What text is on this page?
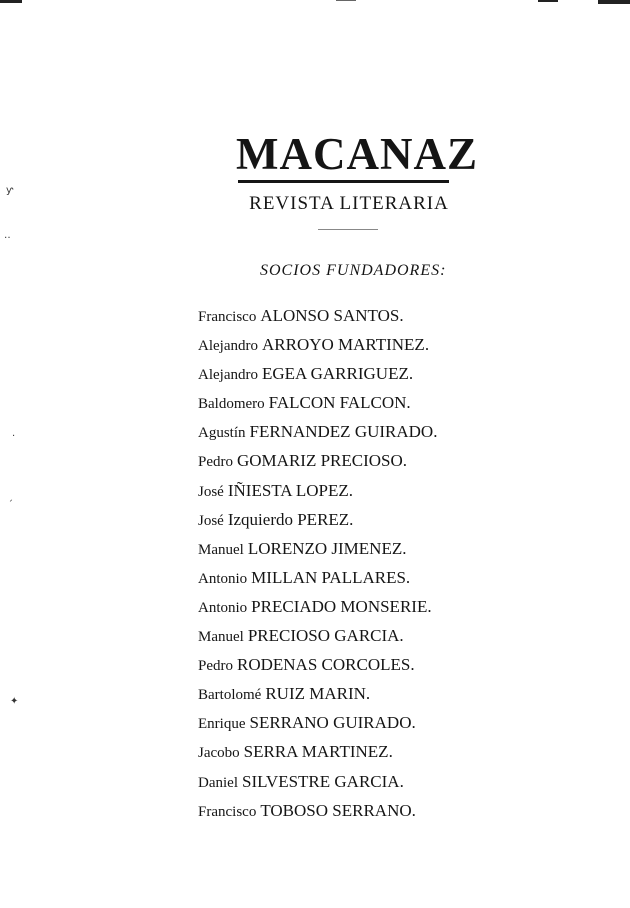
ƴ
‥
·
ˏ
✦
MACANAZ
REVISTA LITERARIA
SOCIOS FUNDADORES:
Francisco ALONSO SANTOS.
Alejandro ARROYO MARTINEZ.
Alejandro EGEA GARRIGUEZ.
Baldomero FALCON FALCON.
Agustín FERNANDEZ GUIRADO.
Pedro GOMARIZ PRECIOSO.
José IÑIESTA LOPEZ.
José Izquierdo PEREZ.
Manuel LORENZO JIMENEZ.
Antonio MILLAN PALLARES.
Antonio PRECIADO MONSERIE.
Manuel PRECIOSO GARCIA.
Pedro RODENAS CORCOLES.
Bartolomé RUIZ MARIN.
Enrique SERRANO GUIRADO.
Jacobo SERRA MARTINEZ.
Daniel SILVESTRE GARCIA.
Francisco TOBOSO SERRANO.
